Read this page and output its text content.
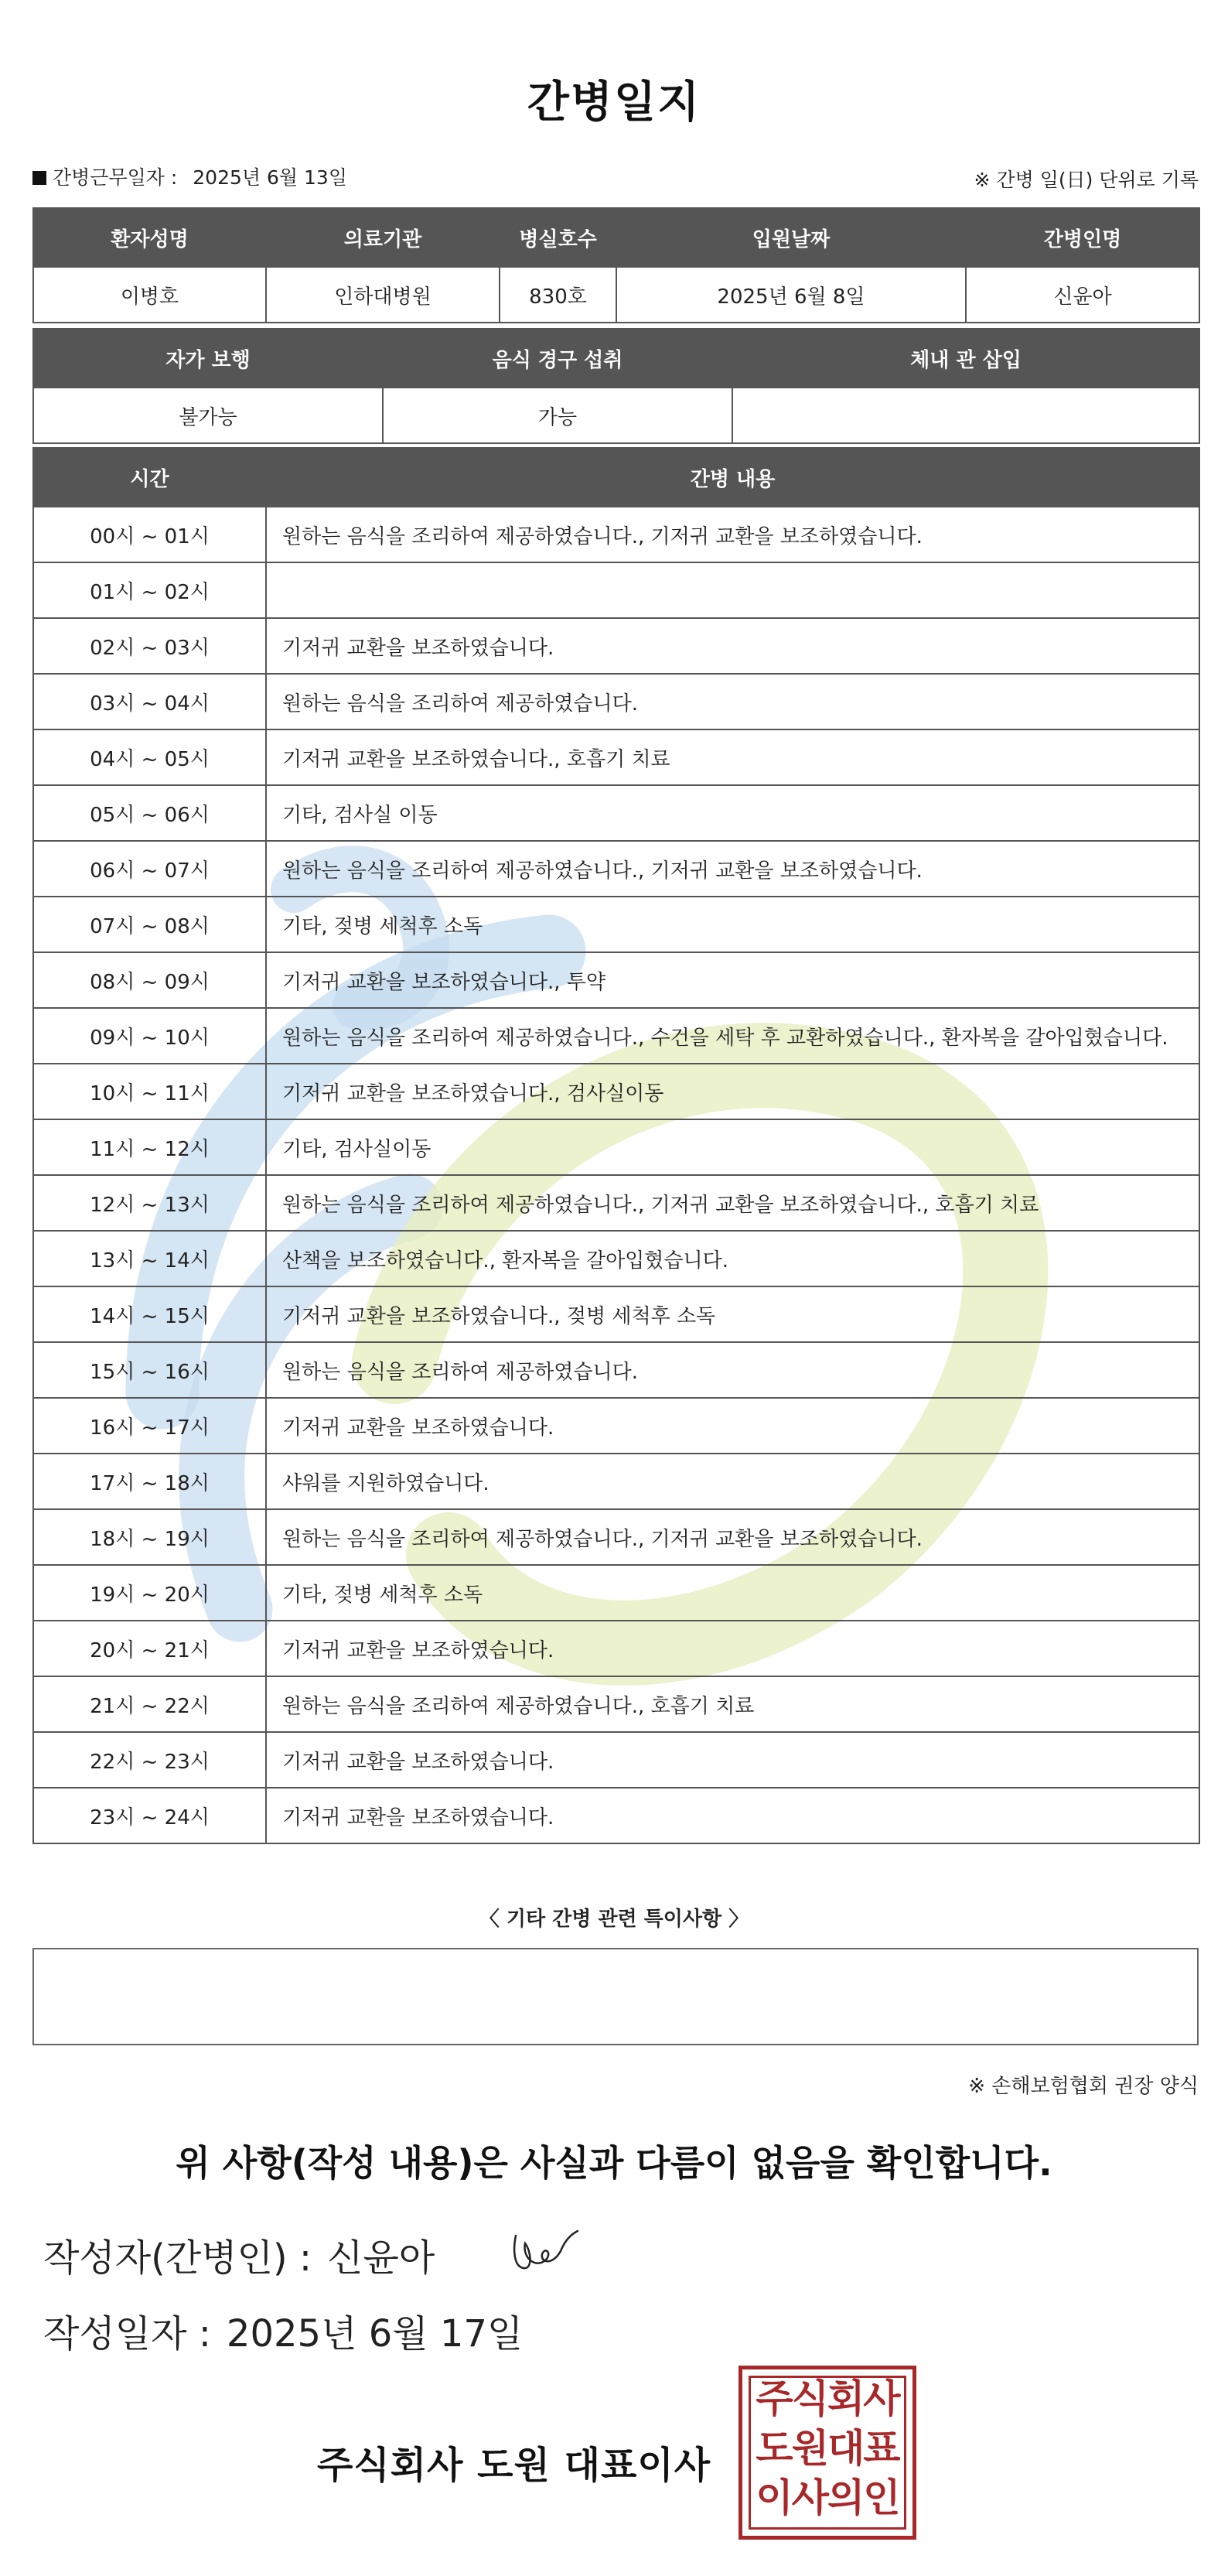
간병일지
간병근무일자 : 2025년 6월 13일	※ 간병 일(日) 단위로 기록
환자성명	의료기관	병실호수	입원날짜	간병인명
이병호	인하대병원	830호	2025년 6월 8일	신윤아
자가 보행	음식 경구 섭취	체내 관 삽입
불가능	가능	
시간	간병 내용
00시 ~ 01시	원하는 음식을 조리하여 제공하였습니다., 기저귀 교환을 보조하였습니다.
01시 ~ 02시	
02시 ~ 03시	기저귀 교환을 보조하였습니다.
03시 ~ 04시	원하는 음식을 조리하여 제공하였습니다.
04시 ~ 05시	기저귀 교환을 보조하였습니다., 호흡기 치료
05시 ~ 06시	기타, 검사실 이동
06시 ~ 07시	원하는 음식을 조리하여 제공하였습니다., 기저귀 교환을 보조하였습니다.
07시 ~ 08시	기타, 젖병 세척후 소독
08시 ~ 09시	기저귀 교환을 보조하였습니다., 투약
09시 ~ 10시	원하는 음식을 조리하여 제공하였습니다., 수건을 세탁 후 교환하였습니다., 환자복을 갈아입혔습니다.
10시 ~ 11시	기저귀 교환을 보조하였습니다., 검사실이동
11시 ~ 12시	기타, 검사실이동
12시 ~ 13시	원하는 음식을 조리하여 제공하였습니다., 기저귀 교환을 보조하였습니다., 호흡기 치료
13시 ~ 14시	산책을 보조하였습니다., 환자복을 갈아입혔습니다.
14시 ~ 15시	기저귀 교환을 보조하였습니다., 젖병 세척후 소독
15시 ~ 16시	원하는 음식을 조리하여 제공하였습니다.
16시 ~ 17시	기저귀 교환을 보조하였습니다.
17시 ~ 18시	샤워를 지원하였습니다.
18시 ~ 19시	원하는 음식을 조리하여 제공하였습니다., 기저귀 교환을 보조하였습니다.
19시 ~ 20시	기타, 젖병 세척후 소독
20시 ~ 21시	기저귀 교환을 보조하였습니다.
21시 ~ 22시	원하는 음식을 조리하여 제공하였습니다., 호흡기 치료
22시 ~ 23시	기저귀 교환을 보조하였습니다.
23시 ~ 24시	기저귀 교환을 보조하였습니다.
〈 기타 간병 관련 특이사항 〉
※ 손해보험협회 권장 양식
위 사항(작성 내용)은 사실과 다름이 없음을 확인합니다.
작성자(간병인) : 신윤아
작성일자 : 2025년 6월 17일
주식회사 도원 대표이사
주식회사
도원대표
이사의인
